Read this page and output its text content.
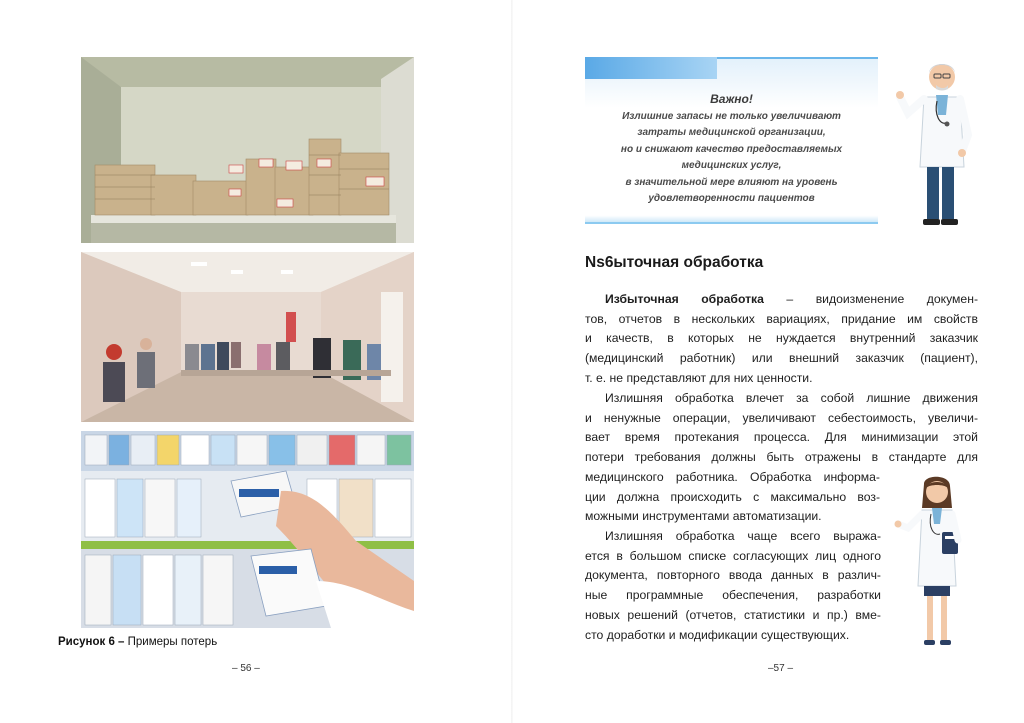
Рисунок 6 – Примеры потерь
– 56 –
Важно!
Излишние запасы не только увеличивают
затраты медицинской организации,
но и снижают качество предоставляемых
медицинских услуг,
в значительной мере влияют на уровень
удовлетворенности пациентов
Ns6ыточная обработка
Избыточная обработка – видоизменение докумен-
тов, отчетов в нескольких вариациях, придание им свойств
и качеств, в которых не нуждается внутренний заказчик
(медицинский работник) или внешний заказчик (пациент),
т. е. не представляют для них ценности.
Излишняя обработка влечет за собой лишние движения
и ненужные операции, увеличивают себестоимость, увеличи-
вает время протекания процесса. Для минимизации этой
потери требования должны быть отражены в стандарте для
медицинского работника. Обработка информа-
ции должна происходить с максимально воз-
можными инструментами автоматизации.
Излишняя обработка чаще всего выража-
ется в большом списке согласующих лиц одного
документа, повторного ввода данных в различ-
ные программные обеспечения, разработки
новых решений (отчетов, статистики и пр.) вме-
сто доработки и модификации существующих.
–57 –
